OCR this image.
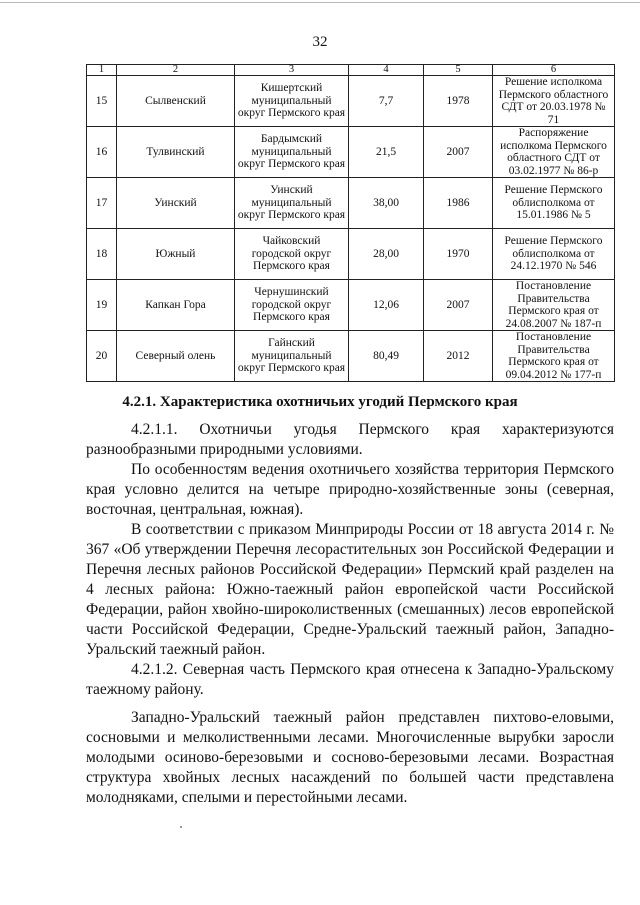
32
1	2	3	4	5	6
15	Сылвенский	Кишертский муниципальный округ Пермского края	7,7	1978	Решение исполкома Пермского областного СДТ от 20.03.1978 № 71
16	Тулвинский	Бардымский муниципальный округ Пермского края	21,5	2007	Распоряжение исполкома Пермского областного СДТ от 03.02.1977 № 86-р
17	Уинский	Уинский муниципальный округ Пермского края	38,00	1986	Решение Пермского облисполкома от 15.01.1986 № 5
18	Южный	Чайковский городской округ Пермского края	28,00	1970	Решение Пермского облисполкома от 24.12.1970 № 546
19	Капкан Гора	Чернушинский городской округ Пермского края	12,06	2007	Постановление Правительства Пермского края от 24.08.2007 № 187-п
20	Северный олень	Гайнский муниципальный округ Пермского края	80,49	2012	Постановление Правительства Пермского края от 09.04.2012 № 177-п
4.2.1. Характеристика охотничьих угодий Пермского края

4.2.1.1. Охотничьи угодья Пермского края характеризуются разнообразными природными условиями.

По особенностям ведения охотничьего хозяйства территория Пермского края условно делится на четыре природно-хозяйственные зоны (северная, восточная, центральная, южная).

В соответствии с приказом Минприроды России от 18 августа 2014 г. № 367 «Об утверждении Перечня лесорастительных зон Российской Федерации и Перечня лесных районов Российской Федерации» Пермский край разделен на 4 лесных района: Южно-таежный район европейской части Российской Федерации, район хвойно-широколиственных (смешанных) лесов европейской части Российской Федерации, Средне-Уральский таежный район, Западно-Уральский таежный район.

4.2.1.2. Северная часть Пермского края отнесена к Западно-Уральскому таежному району.

Западно-Уральский таежный район представлен пихтово-еловыми, сосновыми и мелколиственными лесами. Многочисленные вырубки заросли молодыми осиново-березовыми и сосново-березовыми лесами. Возрастная структура хвойных лесных насаждений по большей части представлена молодняками, спелыми и перестойными лесами.
